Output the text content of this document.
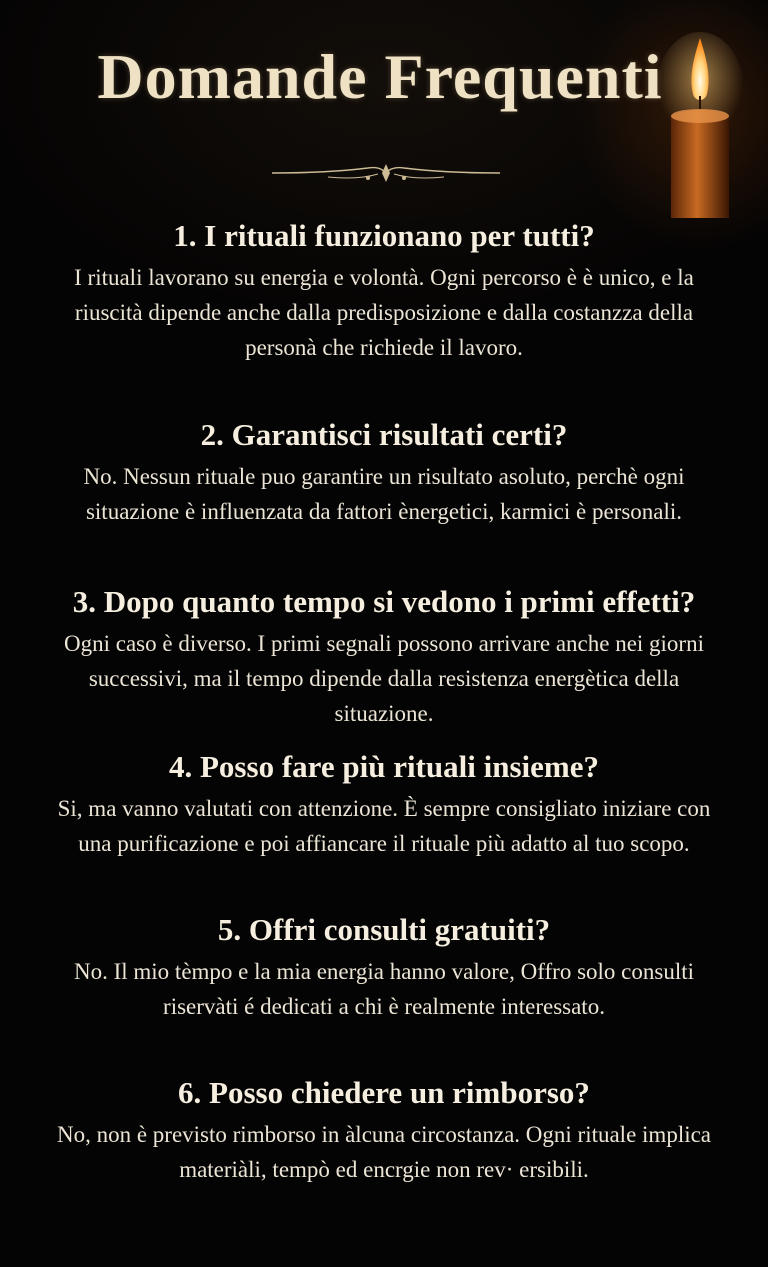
Domande Frequenti
1. I rituali funzionano per tutti?

I rituali lavorano su energia e volontà. Ogni percorso è è unico, e la riuscità dipende anche dalla predisposizione e dalla costanzza della personà che richiede il lavoro.

2. Garantisci risultati certi?

No. Nessun rituale puo garantire un risultato asoluto, perchè ogni situazione è influenzata da fattori ènergetici, karmici è personali.

3. Dopo quanto tempo si vedono i primi effetti?

Ogni caso è diverso. I primi segnali possono arrivare anche nei giorni successivi, ma il tempo dipende dalla resistenza energètica della situazione.

4. Posso fare più rituali insieme?

Si, ma vanno valutati con attenzione. È sempre consigliato iniziare con una purificazione e poi affiancare il rituale più adatto al tuo scopo.

5. Offri consulti gratuiti?

No. Il mio tèmpo e la mia energia hanno valore, Offro solo consulti riservàti é dedicati a chi è realmente interessato.

6. Posso chiedere un rimborso?

No, non è previsto rimborso in àlcuna circostanza. Ogni rituale implica materiàli, tempò ed encrgie non rev· ersibili.
